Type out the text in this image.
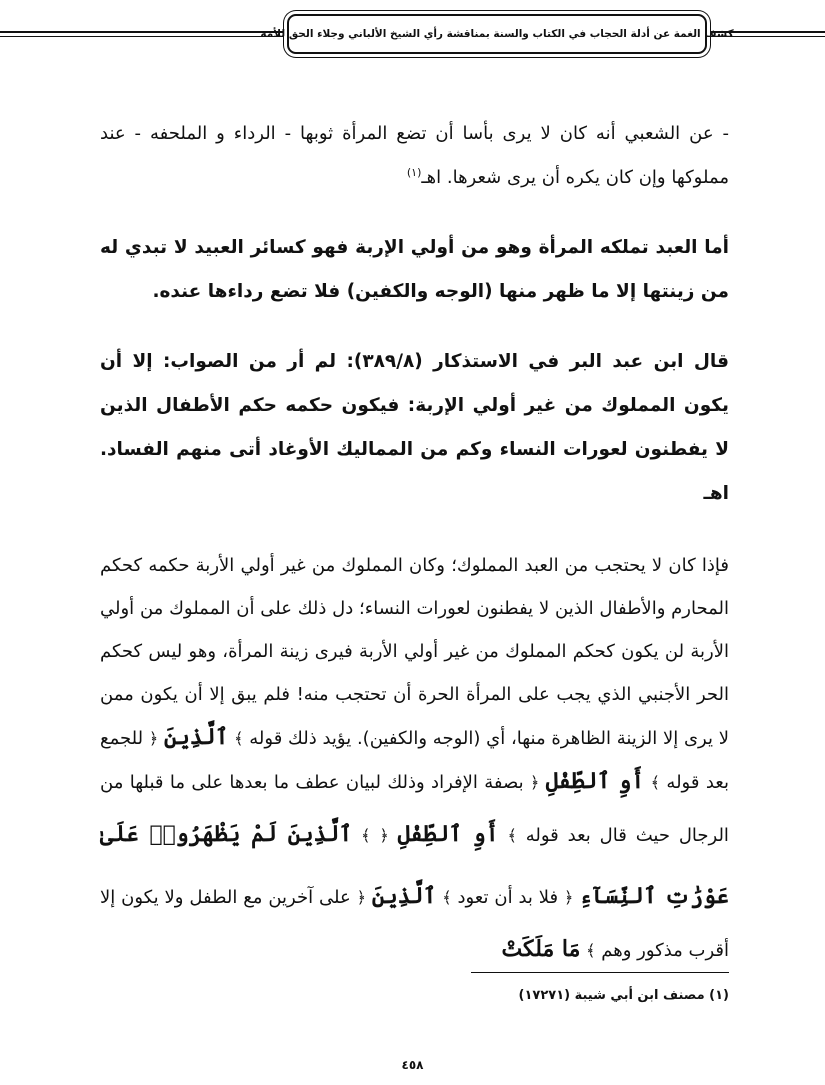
كشف الغمة عن أدلة الحجاب في الكتاب والسنة بمناقشة رأي الشيخ الألباني وجلاء الحق للأمة

- عن الشعبي أنه كان لا يرى بأسا أن تضع المرأة ثوبها - الرداء و الملحفه - عند مملوكها وإن كان يكره أن يرى شعرها. اهـ$^{(١)}$

أما العبد تملكه المرأة وهو من أولي الإربة فهو كسائر العبيد لا تبدي له من زينتها إلا ما ظهر منها (الوجه والكفين) فلا تضع رداءها عنده.

قال ابن عبد البر في الاستذكار (٣٨٩/٨): لم أر من الصواب: إلا أن يكون المملوك من غير أولي الإربة: فيكون حكمه حكم الأطفال الذين لا يفطنون لعورات النساء وكم من المماليك الأوغاد أتى منهم الفساد. اهـ

فإذا كان لا يحتجب من العبد المملوك؛ وكان المملوك من غير أولي الأربة حكمه كحكم المحارم والأطفال الذين لا يفطنون لعورات النساء؛ دل ذلك على أن المملوك من أولي الأربة لن يكون كحكم المملوك من غير أولي الأربة فيرى زينة المرأة، وهو ليس كحكم الحر الأجنبي الذي يجب على المرأة الحرة أن تحتجب منه! فلم يبق إلا أن يكون ممن لا يرى إلا الزينة الظاهرة منها، أي (الوجه والكفين). يؤيد ذلك قوله ﴾ ٱلَّذِينَ ﴿ للجمع بعد قوله ﴾ أَوِ ٱلطِّفْلِ ﴿ بصفة الإفراد وذلك لبيان عطف ما بعدها على ما قبلها من الرجال حيث قال بعد قوله ﴾ أَوِ ٱلطِّفْلِ ﴿ ﴾ ٱلَّذِينَ لَمْ يَظْهَرُوا۟ عَلَىٰ عَوْرَٰتِ ٱلنِّسَآءِ ﴿ فلا بد أن تعود ﴾ ٱلَّذِينَ ﴿ على آخرين مع الطفل ولا يكون إلا أقرب مذكور وهم ﴾ مَا مَلَكَتْ

(١) مصنف ابن أبي شيبة (١٧٢٧١)
٤٥٨
